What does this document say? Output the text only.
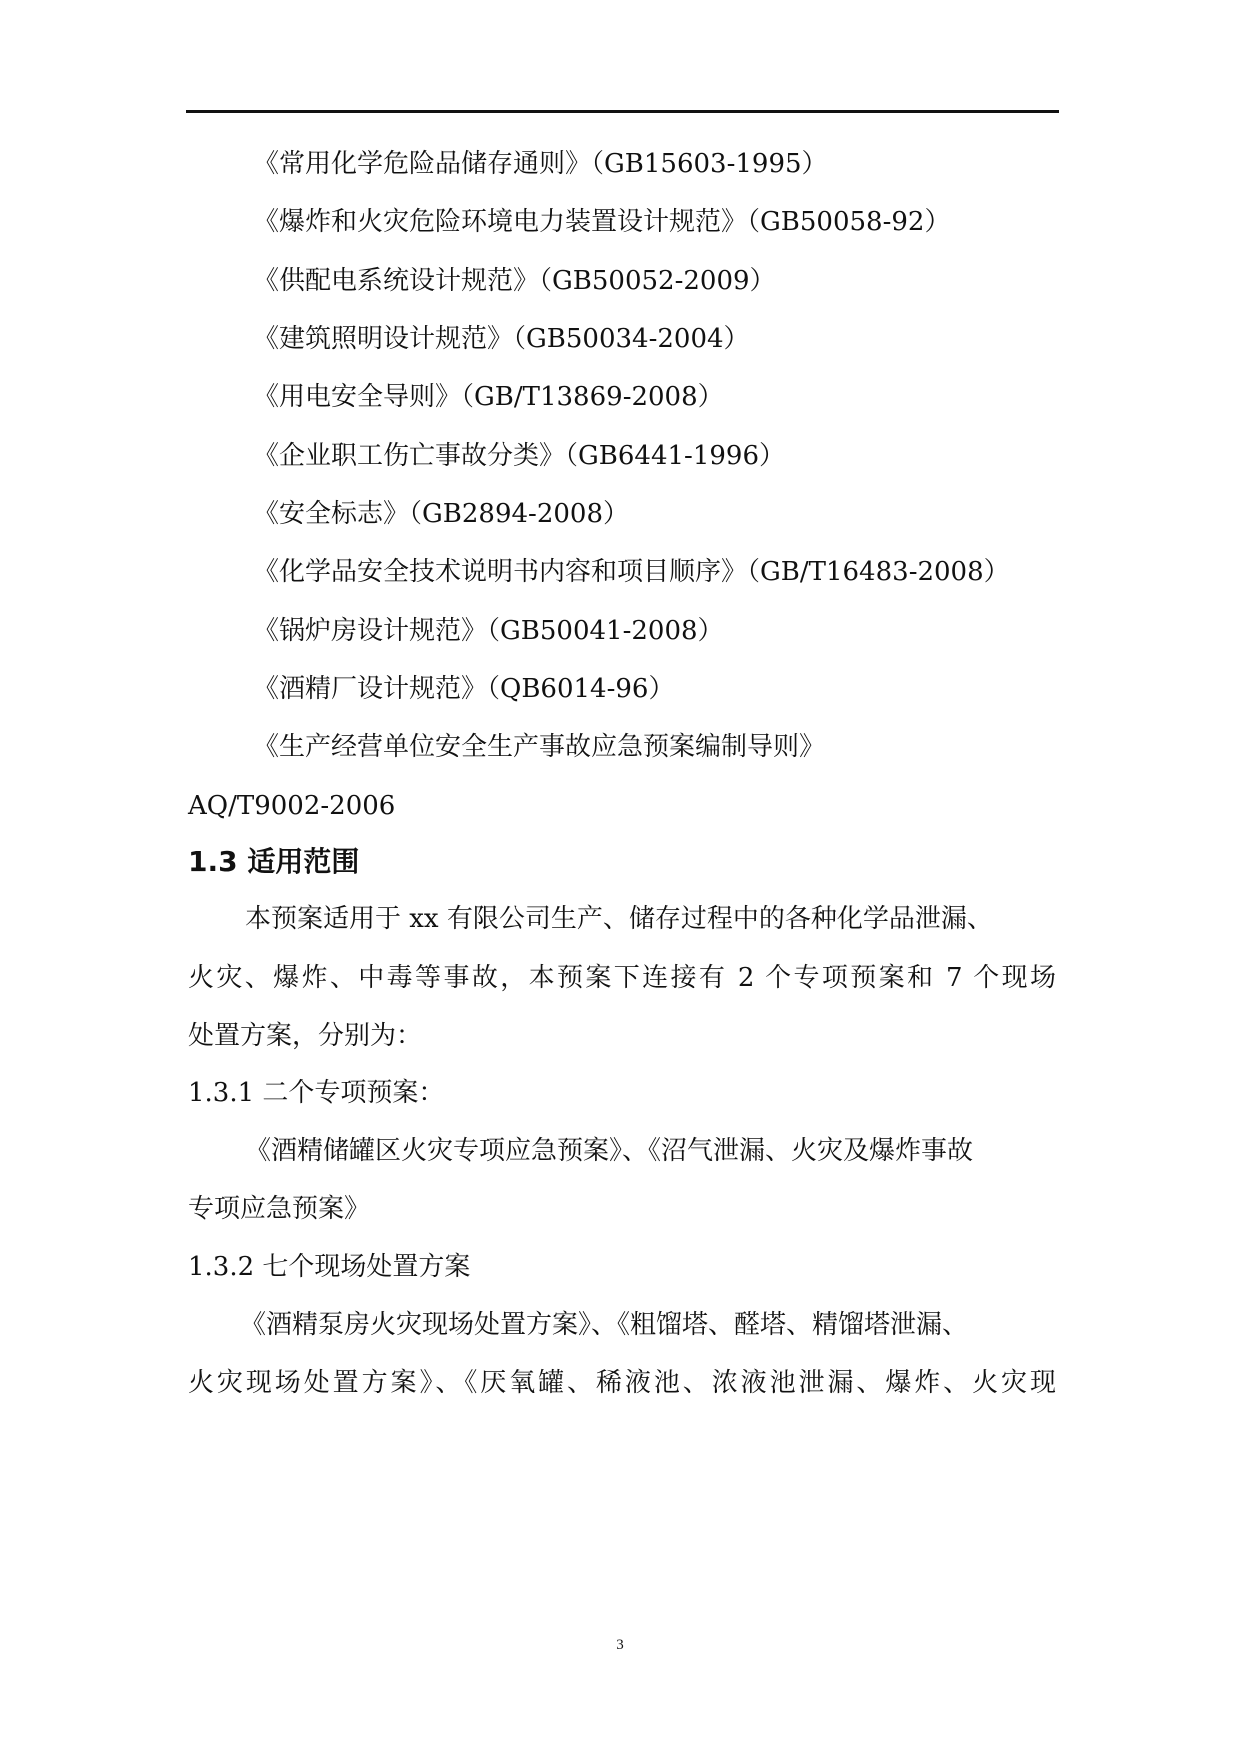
《常用化学危险品储存通则》（GB15603-1995）
《爆炸和火灾危险环境电力装置设计规范》（GB50058-92）
《供配电系统设计规范》（GB50052-2009）
《建筑照明设计规范》（GB50034-2004）
《用电安全导则》（GB/T13869-2008）
《企业职工伤亡事故分类》（GB6441-1996）
《安全标志》（GB2894-2008）
《化学品安全技术说明书内容和项目顺序》（GB/T16483-2008）
《锅炉房设计规范》（GB50041-2008）
《酒精厂设计规范》（QB6014-96）
《生产经营单位安全生产事故应急预案编制导则》
AQ/T9002-2006
1.3 适用范围
本预案适用于 xx 有限公司生产、储存过程中的各种化学品泄漏、
火灾、爆炸、中毒等事故，本预案下连接有 2 个专项预案和 7 个现场
处置方案，分别为：
1.3.1 二个专项预案：
《酒精储罐区火灾专项应急预案》、《沼气泄漏、火灾及爆炸事故
专项应急预案》
1.3.2 七个现场处置方案
《酒精泵房火灾现场处置方案》、《粗馏塔、醛塔、精馏塔泄漏、
火灾现场处置方案》、《厌氧罐、稀液池、浓液池泄漏、爆炸、火灾现
3
